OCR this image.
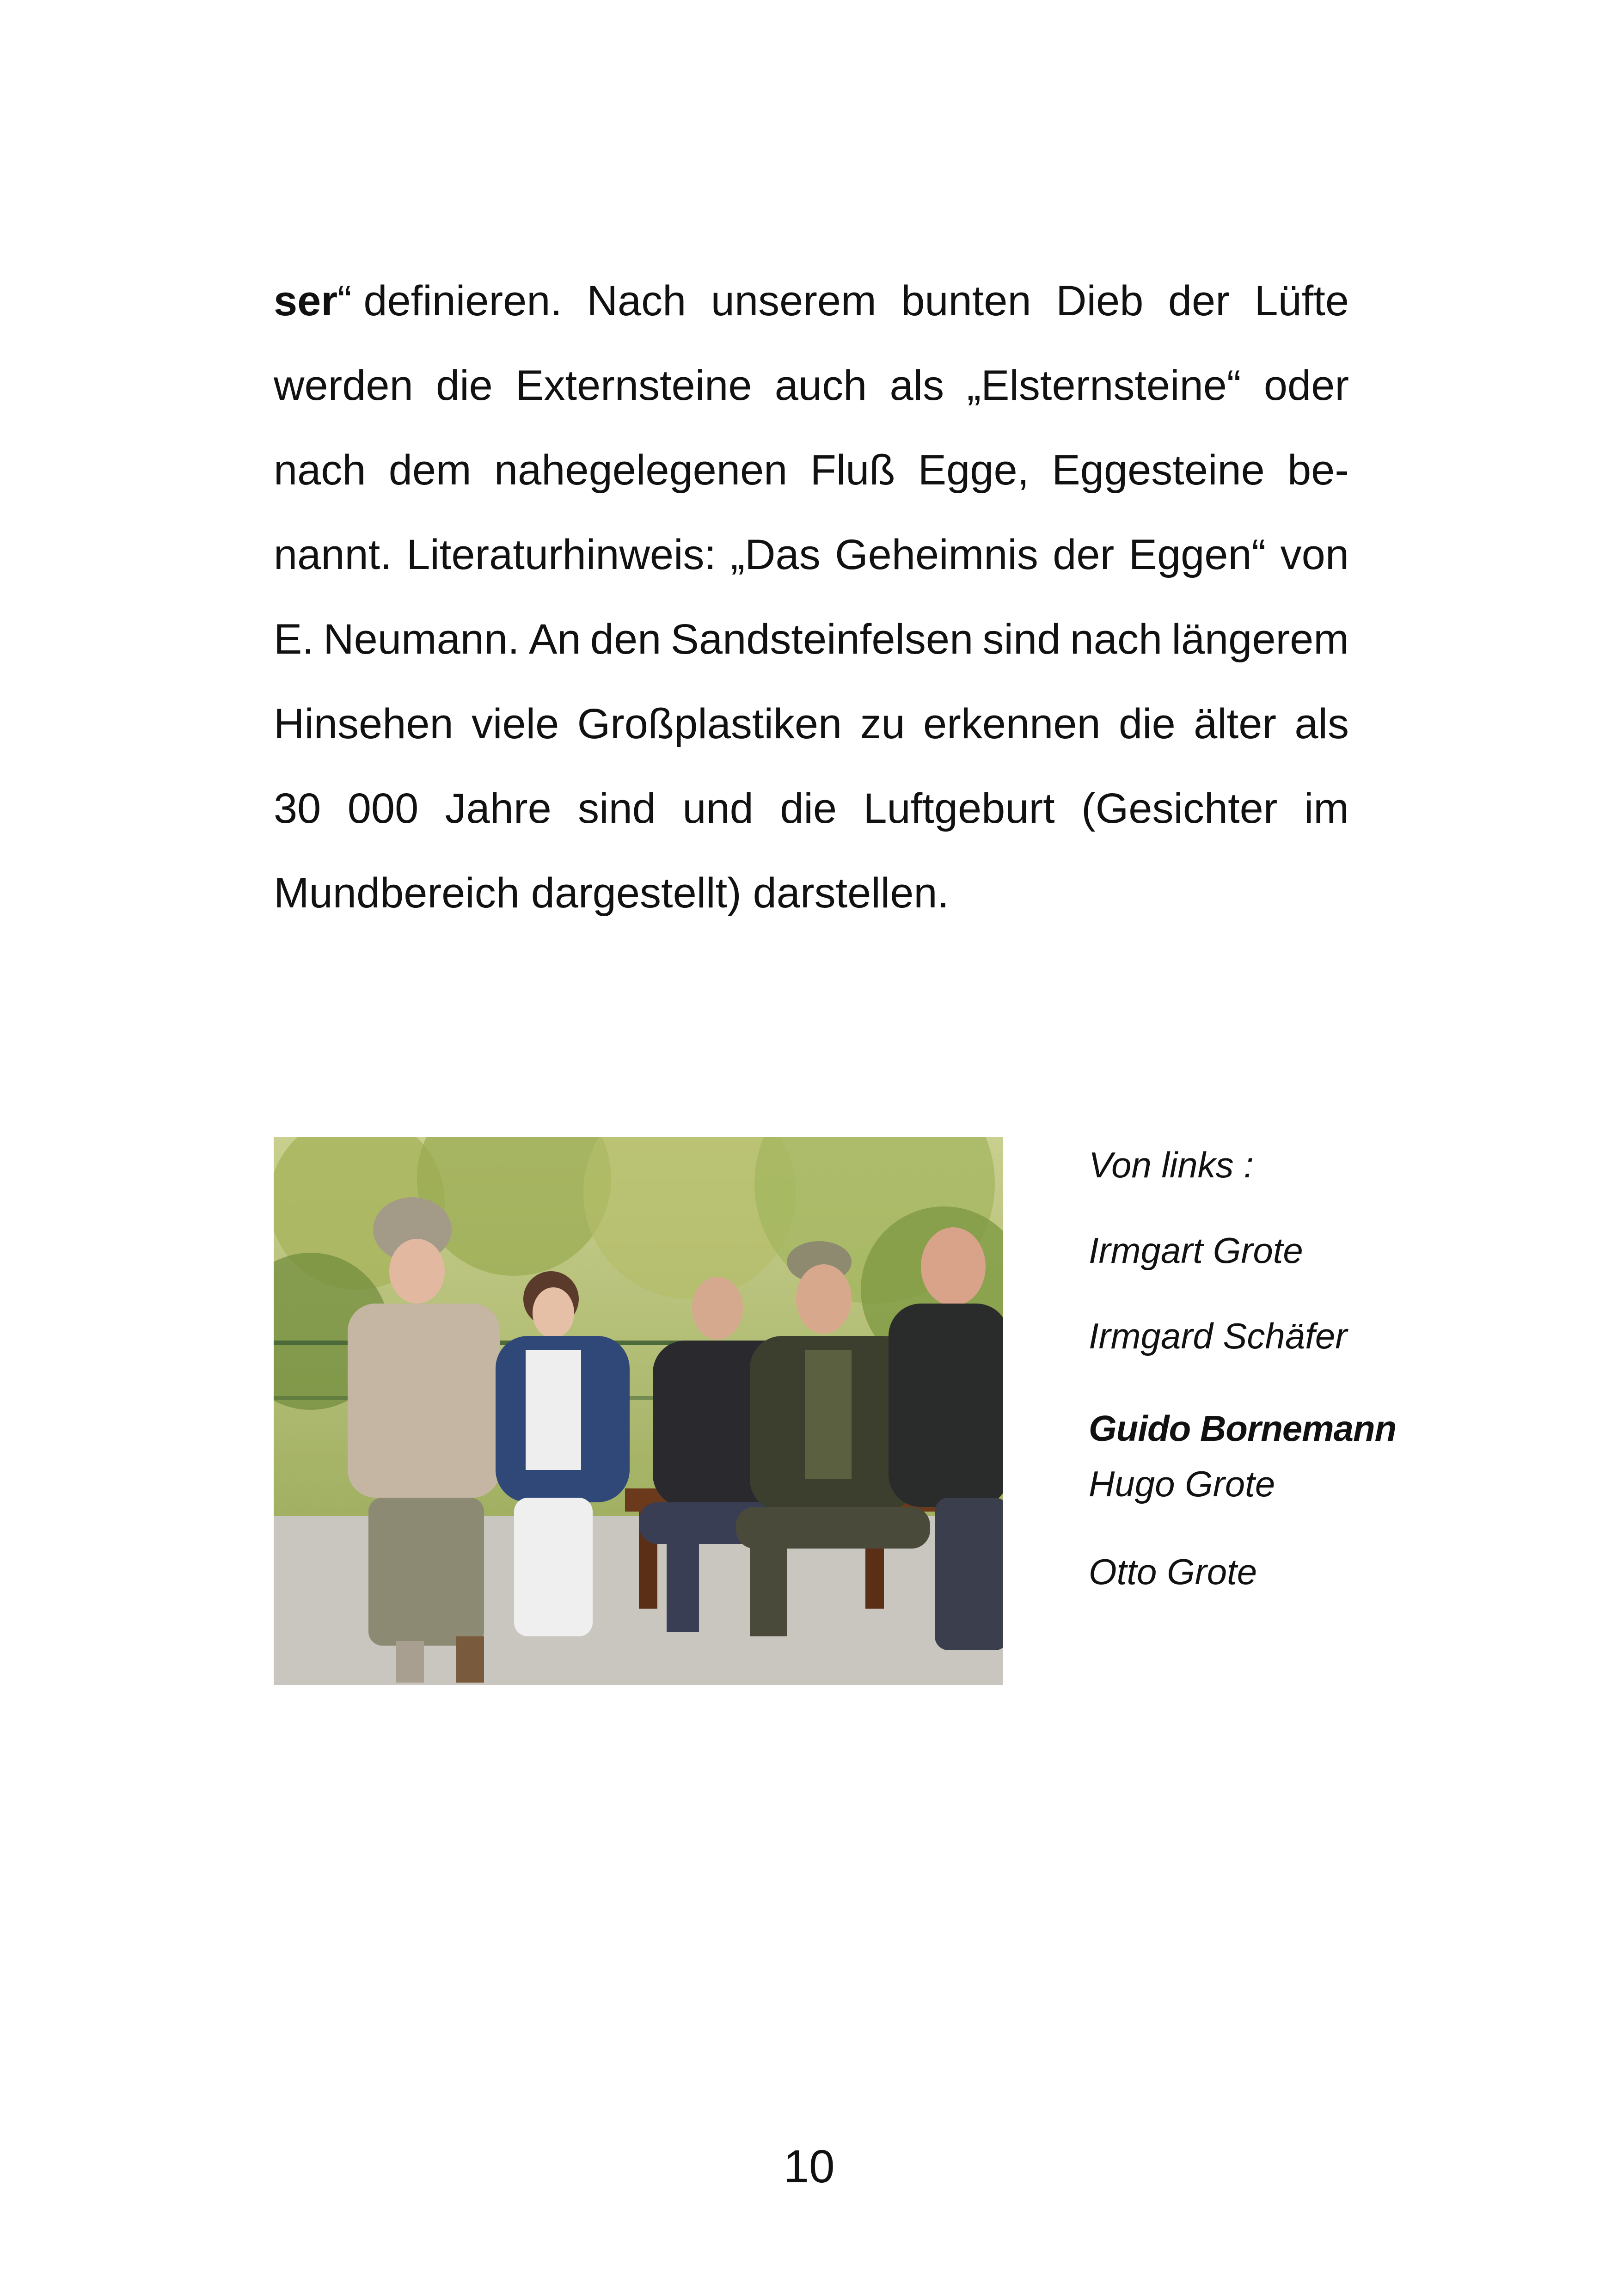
ser“ definieren. Nach unserem bunten Dieb der Lüfte
werden die Externsteine auch als „Elsternsteine“ oder
nach dem nahegelegenen Fluß Egge, Eggesteine be-
nannt. Literaturhinweis: „Das Geheimnis der Eggen“ von
E. Neumann. An den Sandsteinfelsen sind nach längerem
Hinsehen viele Großplastiken zu erkennen die älter als
30 000 Jahre sind und die Luftgeburt (Gesichter im
Mundbereich dargestellt) darstellen.
Von links :
Irmgart Grote
Irmgard Schäfer
Guido Bornemann
Hugo Grote
Otto Grote
10
